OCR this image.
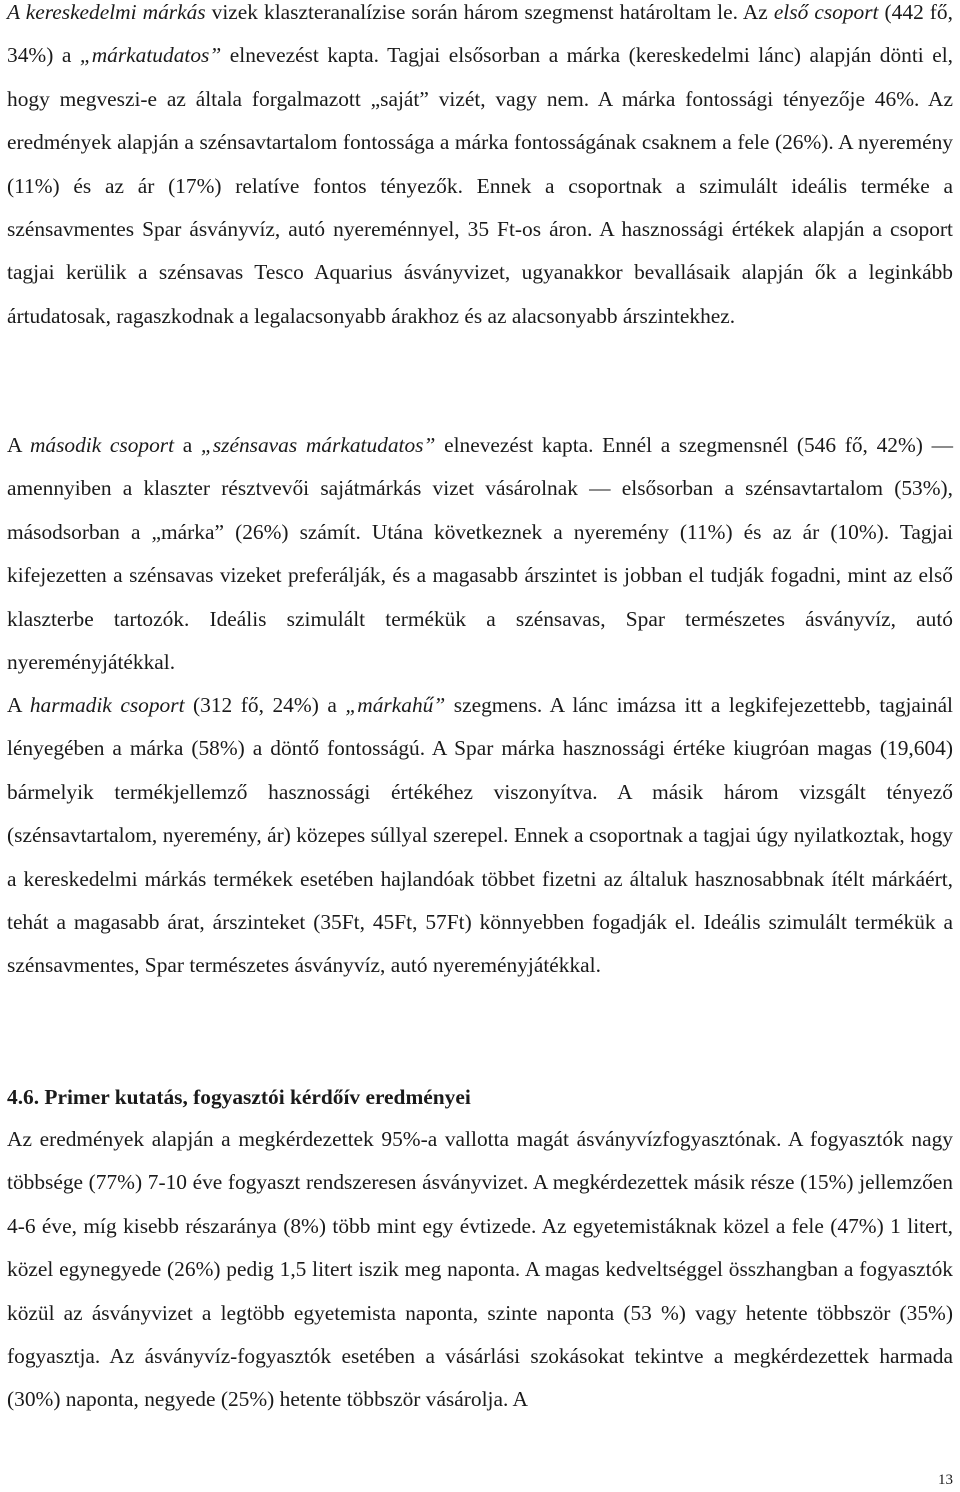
A kereskedelmi márkás vizek klaszteranalízise során három szegmenst határoltam le. Az első csoport (442 fő, 34%) a „márkatudatos” elnevezést kapta. Tagjai elsősorban a márka (kereskedelmi lánc) alapján dönti el, hogy megveszi-e az általa forgalmazott „saját” vizét, vagy nem. A márka fontossági tényezője 46%. Az eredmények alapján a szénsavtartalom fontossága a márka fontosságának csaknem a fele (26%). A nyeremény (11%) és az ár (17%) relatíve fontos tényezők. Ennek a csoportnak a szimulált ideális terméke a szénsavmentes Spar ásványvíz, autó nyereménnyel, 35 Ft-os áron. A hasznossági értékek alapján a csoport tagjai kerülik a szénsavas Tesco Aquarius ásványvizet, ugyanakkor bevallásaik alapján ők a leginkább ártudatosak, ragaszkodnak a legalacsonyabb árakhoz és az alacsonyabb árszintekhez.

A második csoport a „szénsavas márkatudatos” elnevezést kapta. Ennél a szegmensnél (546 fő, 42%) — amennyiben a klaszter résztvevői sajátmárkás vizet vásárolnak — elsősorban a szénsavtartalom (53%), másodsorban a „márka” (26%) számít. Utána következnek a nyeremény (11%) és az ár (10%). Tagjai kifejezetten a szénsavas vizeket preferálják, és a magasabb árszintet is jobban el tudják fogadni, mint az első klaszterbe tartozók. Ideális szimulált termékük a szénsavas, Spar természetes ásványvíz, autó nyereményjátékkal.

A harmadik csoport (312 fő, 24%) a „márkahű” szegmens. A lánc imázsa itt a legkifejezettebb, tagjainál lényegében a márka (58%) a döntő fontosságú. A Spar márka hasznossági értéke kiugróan magas (19,604) bármelyik termékjellemző hasznossági értékéhez viszonyítva. A másik három vizsgált tényező (szénsavtartalom, nyeremény, ár) közepes súllyal szerepel. Ennek a csoportnak a tagjai úgy nyilatkoztak, hogy a kereskedelmi márkás termékek esetében hajlandóak többet fizetni az általuk hasznosabbnak ítélt márkáért, tehát a magasabb árat, árszinteket (35Ft, 45Ft, 57Ft) könnyebben fogadják el. Ideális szimulált termékük a szénsavmentes, Spar természetes ásványvíz, autó nyereményjátékkal.

4.6. Primer kutatás, fogyasztói kérdőív eredményei

Az eredmények alapján a megkérdezettek 95%-a vallotta magát ásványvízfogyasztónak. A fogyasztók nagy többsége (77%) 7-10 éve fogyaszt rendszeresen ásványvizet. A megkérdezettek másik része (15%) jellemzően 4-6 éve, míg kisebb részaránya (8%) több mint egy évtizede. Az egyetemistáknak közel a fele (47%) 1 litert, közel egynegyede (26%) pedig 1,5 litert iszik meg naponta. A magas kedveltséggel összhangban a fogyasztók közül az ásványvizet a legtöbb egyetemista naponta, szinte naponta (53 %) vagy hetente többször (35%) fogyasztja. Az ásványvíz-fogyasztók esetében a vásárlási szokásokat tekintve a megkérdezettek harmada (30%) naponta, negyede (25%) hetente többször vásárolja. A

13
